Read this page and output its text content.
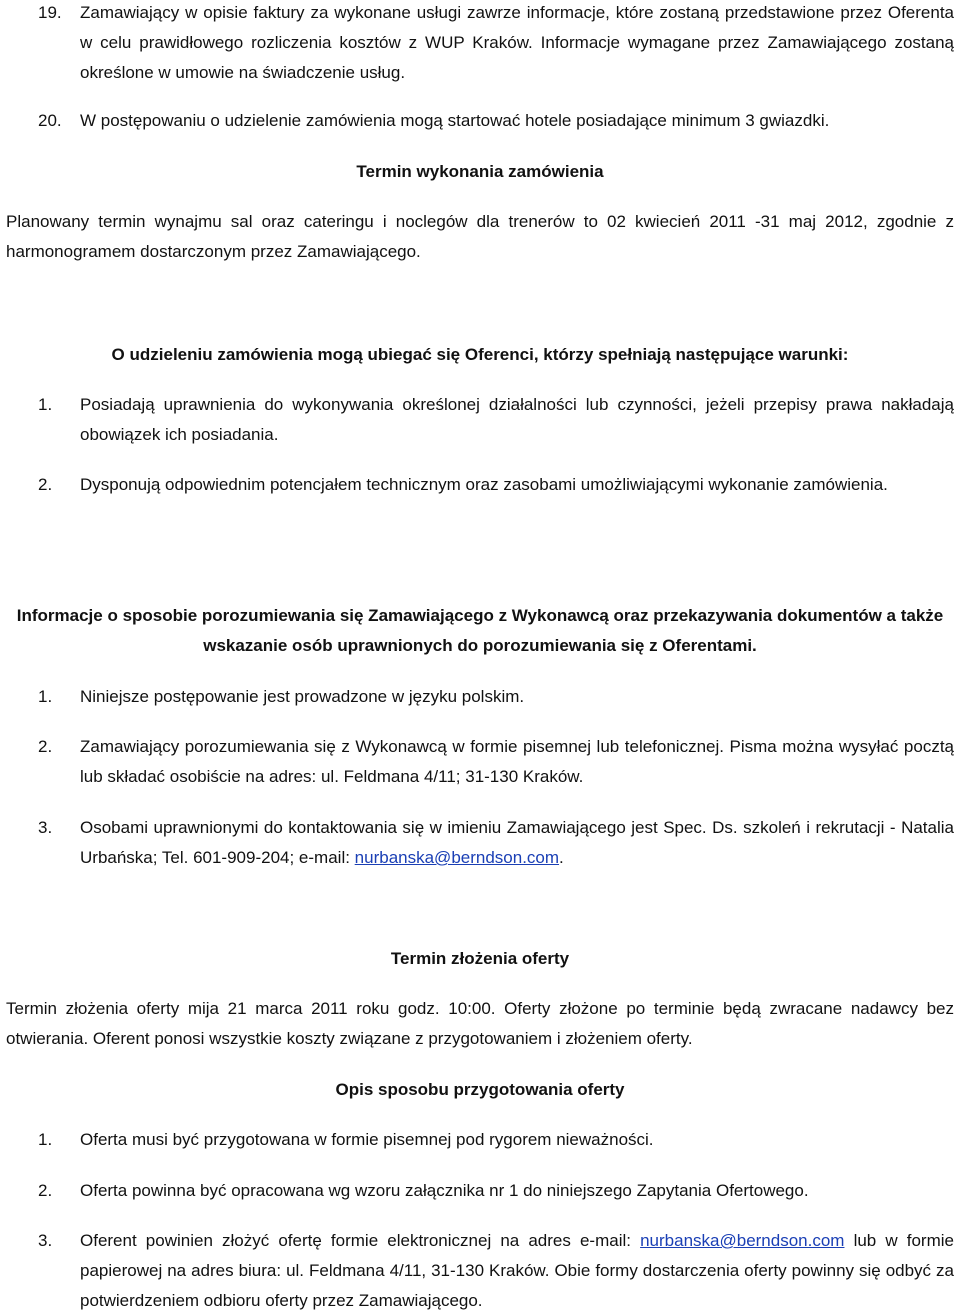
19.	Zamawiający w opisie faktury za wykonane usługi zawrze informacje, które zostaną przedstawione przez Oferenta w celu prawidłowego rozliczenia kosztów z WUP Kraków. Informacje wymagane przez Zamawiającego zostaną określone w umowie na świadczenie usług.
20.	W postępowaniu o udzielenie zamówienia mogą startować hotele posiadające minimum 3 gwiazdki.
Termin wykonania zamówienia
Planowany termin wynajmu sal oraz cateringu i noclegów dla trenerów to 02 kwiecień 2011 -31 maj 2012, zgodnie z harmonogramem dostarczonym przez Zamawiającego.
O udzieleniu zamówienia mogą ubiegać się Oferenci, którzy spełniają następujące warunki:
1.	Posiadają uprawnienia do wykonywania określonej działalności lub czynności, jeżeli przepisy prawa nakładają obowiązek ich posiadania.
2.	Dysponują odpowiednim potencjałem technicznym oraz zasobami umożliwiającymi wykonanie zamówienia.
Informacje o sposobie porozumiewania się Zamawiającego z Wykonawcą oraz przekazywania dokumentów a także wskazanie osób uprawnionych do porozumiewania się z Oferentami.
1.	Niniejsze postępowanie jest prowadzone w języku polskim.
2.	Zamawiający porozumiewania się z Wykonawcą w formie pisemnej lub telefonicznej. Pisma można wysyłać pocztą lub składać osobiście na adres: ul. Feldmana 4/11; 31-130 Kraków.
3.	Osobami uprawnionymi do kontaktowania się w imieniu Zamawiającego jest Spec. Ds. szkoleń i rekrutacji - Natalia Urbańska; Tel. 601-909-204; e-mail: nurbanska@berndson.com.
Termin złożenia oferty
Termin złożenia oferty mija 21 marca 2011 roku godz. 10:00. Oferty złożone po terminie będą zwracane nadawcy bez otwierania. Oferent ponosi wszystkie koszty związane z przygotowaniem i złożeniem oferty.
Opis sposobu przygotowania oferty
1.	Oferta musi być przygotowana w formie pisemnej pod rygorem nieważności.
2.	Oferta powinna być opracowana wg wzoru załącznika nr 1 do niniejszego Zapytania Ofertowego.
3.	Oferent powinien złożyć ofertę formie elektronicznej na adres e-mail: nurbanska@berndson.com lub w formie papierowej na adres biura: ul. Feldmana 4/11, 31-130 Kraków. Obie formy dostarczenia oferty powinny się odbyć za potwierdzeniem odbioru oferty przez Zamawiającego.
